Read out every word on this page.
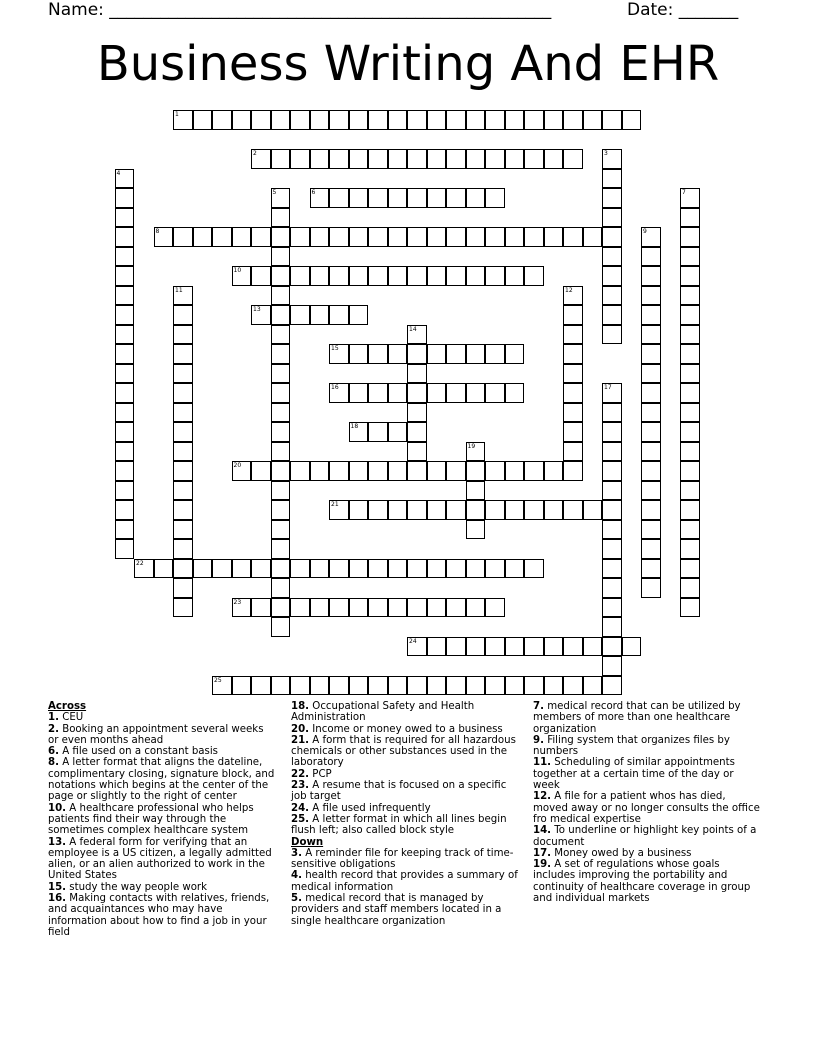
Name: ____________________________________________________	Date: _______
Business Writing And EHR
1
2	3
4
5	6	7
8	9
10
11	12
13
14
15
16	17
18
19
20
21
22
23
24
25
Across

1. CEU

2. Booking an appointment several weeks or even months ahead

6. A file used on a constant basis

8. A letter format that aligns the dateline, complimentary closing, signature block, and notations which begins at the center of the page or slightly to the right of center

10. A healthcare professional who helps patients find their way through the sometimes complex healthcare system

13. A federal form for verifying that an employee is a US citizen, a legally admitted alien, or an alien authorized to work in the United States

15. study the way people work

16. Making contacts with relatives, friends, and acquaintances who may have information about how to find a job in your field

18. Occupational Safety and Health Administration

20. Income or money owed to a business

21. A form that is required for all hazardous chemicals or other substances used in the laboratory

22. PCP

23. A resume that is focused on a specific job target

24. A file used infrequently

25. A letter format in which all lines begin flush left; also called block style

Down

3. A reminder file for keeping track of time-sensitive obligations

4. health record that provides a summary of medical information

5. medical record that is managed by providers and staff members located in a single healthcare organization

7. medical record that can be utilized by members of more than one healthcare organization

9. Filing system that organizes files by numbers

11. Scheduling of similar appointments together at a certain time of the day or week

12. A file for a patient whos has died, moved away or no longer consults the office fro medical expertise

14. To underline or highlight key points of a document

17. Money owed by a business

19. A set of regulations whose goals includes improving the portability and continuity of healthcare coverage in group and individual markets
